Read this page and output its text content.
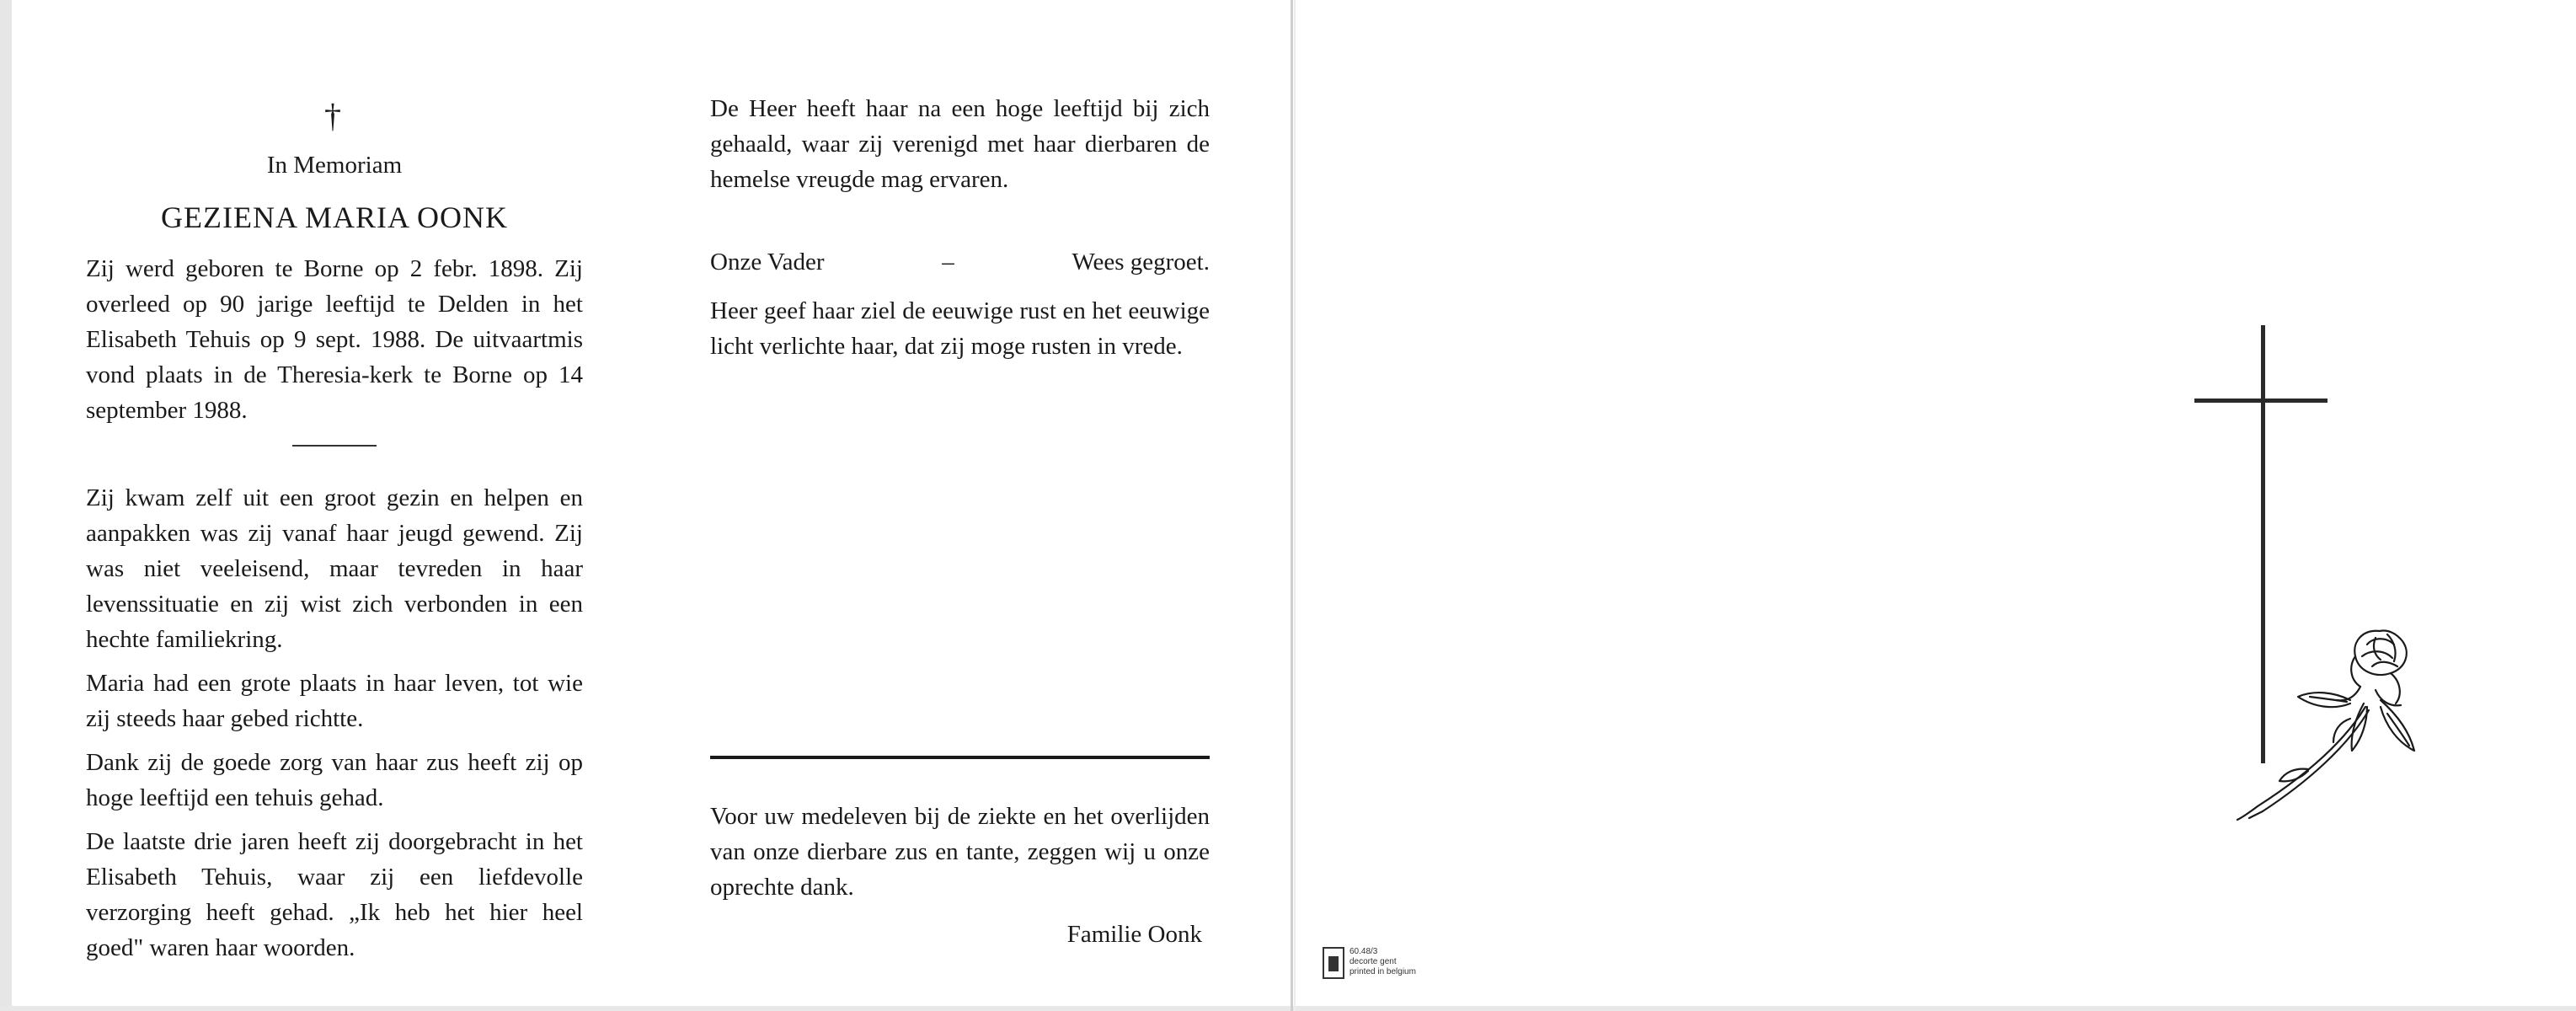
†
In Memoriam
GEZIENA MARIA OONK

Zij werd geboren te Borne op 2 febr. 1898. Zij overleed op 90 jarige leeftijd te Delden in het Elisabeth Tehuis op 9 sept. 1988. De uitvaartmis vond plaats in de Theresia-kerk te Borne op 14 september 1988.

Zij kwam zelf uit een groot gezin en helpen en aanpakken was zij vanaf haar jeugd gewend. Zij was niet veeleisend, maar tevreden in haar levenssituatie en zij wist zich verbonden in een hechte familiekring.

Maria had een grote plaats in haar leven, tot wie zij steeds haar gebed richtte.

Dank zij de goede zorg van haar zus heeft zij op hoge leeftijd een tehuis gehad.

De laatste drie jaren heeft zij doorgebracht in het Elisabeth Tehuis, waar zij een liefdevolle verzorging heeft gehad. „Ik heb het hier heel goed" waren haar woorden.

De Heer heeft haar na een hoge leeftijd bij zich gehaald, waar zij verenigd met haar dierbaren de hemelse vreugde mag ervaren.

Onze Vader	–	Wees gegroet.

Heer geef haar ziel de eeuwige rust en het eeuwige licht verlichte haar, dat zij moge rusten in vrede.

Voor uw medeleven bij de ziekte en het overlijden van onze dierbare zus en tante, zeggen wij u onze oprechte dank.
Familie Oonk
60.48/3
decorte gent
printed in belgium
